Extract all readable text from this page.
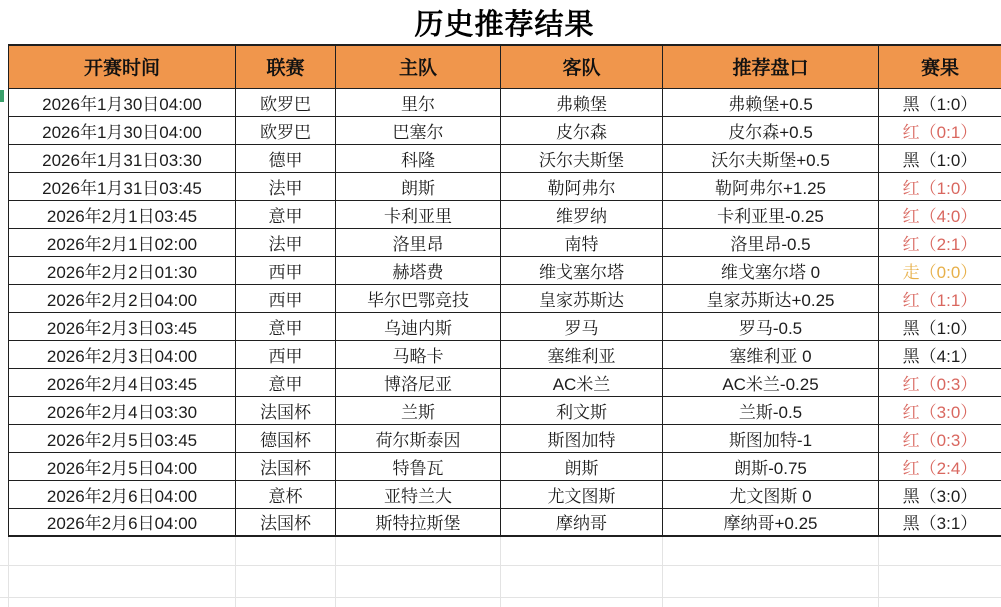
历史推荐结果
开赛时间	联赛	主队	客队	推荐盘口	赛果
2026年1月30日04:00	欧罗巴	里尔	弗赖堡	弗赖堡+0.5	黑（1:0）
2026年1月30日04:00	欧罗巴	巴塞尔	皮尔森	皮尔森+0.5	红（0:1）
2026年1月31日03:30	德甲	科隆	沃尔夫斯堡	沃尔夫斯堡+0.5	黑（1:0）
2026年1月31日03:45	法甲	朗斯	勒阿弗尔	勒阿弗尔+1.25	红（1:0）
2026年2月1日03:45	意甲	卡利亚里	维罗纳	卡利亚里-0.25	红（4:0）
2026年2月1日02:00	法甲	洛里昂	南特	洛里昂-0.5	红（2:1）
2026年2月2日01:30	西甲	赫塔费	维戈塞尔塔	维戈塞尔塔 0	走（0:0）
2026年2月2日04:00	西甲	毕尔巴鄂竞技	皇家苏斯达	皇家苏斯达+0.25	红（1:1）
2026年2月3日03:45	意甲	乌迪内斯	罗马	罗马-0.5	黑（1:0）
2026年2月3日04:00	西甲	马略卡	塞维利亚	塞维利亚 0	黑（4:1）
2026年2月4日03:45	意甲	博洛尼亚	AC米兰	AC米兰-0.25	红（0:3）
2026年2月4日03:30	法国杯	兰斯	利文斯	兰斯-0.5	红（3:0）
2026年2月5日03:45	德国杯	荷尔斯泰因	斯图加特	斯图加特-1	红（0:3）
2026年2月5日04:00	法国杯	特鲁瓦	朗斯	朗斯-0.75	红（2:4）
2026年2月6日04:00	意杯	亚特兰大	尤文图斯	尤文图斯 0	黑（3:0）
2026年2月6日04:00	法国杯	斯特拉斯堡	摩纳哥	摩纳哥+0.25	黑（3:1）
